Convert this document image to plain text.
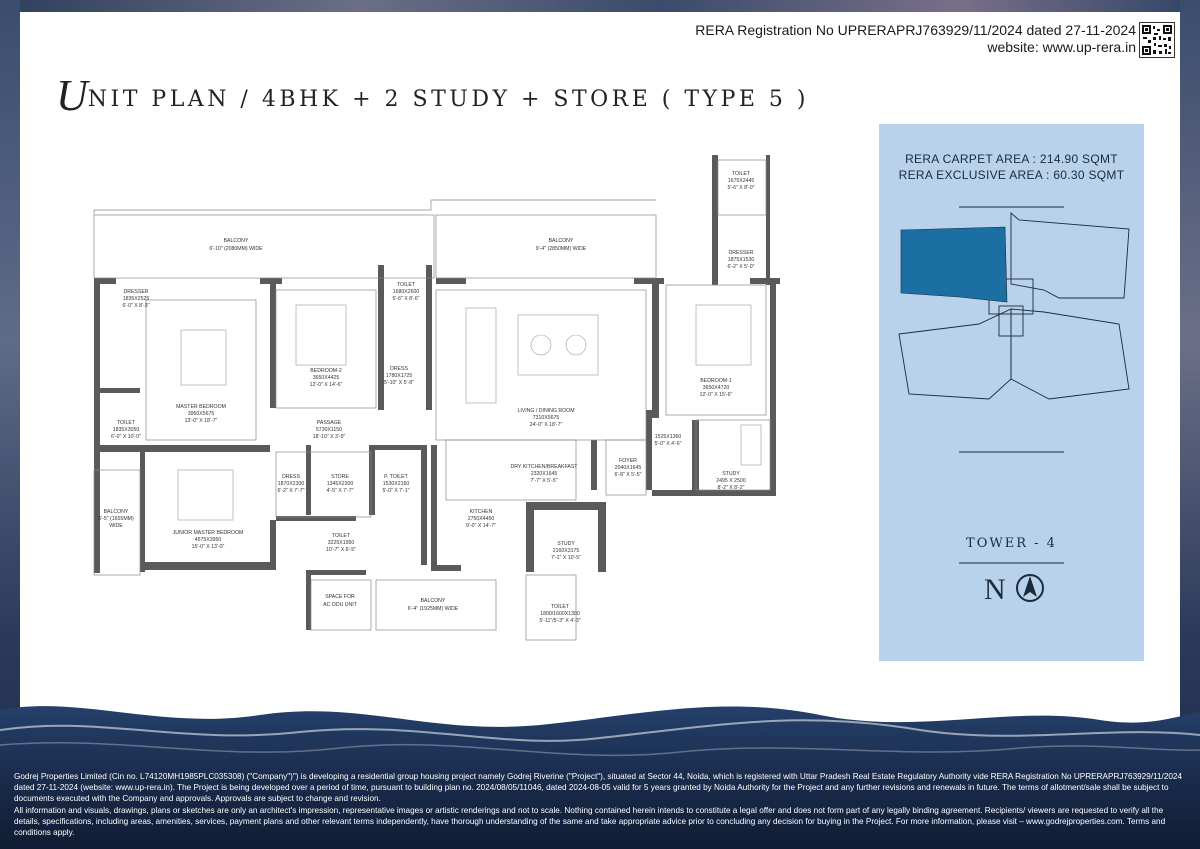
RERA Registration No UPRERAPRJ763929/11/2024 dated 27-11-2024
website: www.up-rera.in
UNIT PLAN / 4BHK + 2 STUDY + STORE ( TYPE 5 )
BALCONY
6'-10" (2080MM) WIDE
BALCONY
9'-4" (2850MM) WIDE
TOILET
1675X2445
5'-6" X 8'-0"
DRESSER
1875X1530
6'-2" X 5'-0"
DRESSER
1835X2525
6'-0" X 8'-3"
TOILET
1680X2600
5'-6" X 8'-6"
BEDROOM-2
3650X4425
12'-0" X 14'-6"
DRESS
1780X1725
5'-10" X 5'-8"
MASTER BEDROOM
3950X5675
13'-0" X 18'-7"
TOILET
1835X3050
6'-0" X 10'-0"
PASSAGE
5730X1150
18'-10" X 3'-9"
LIVING / DINING ROOM
7310X5675
24'-0" X 18'-7"
BEDROOM-1
3650X4720
12'-0" X 15'-6"
1525X1360
5'-0" X 4'-6"
FOYER
2040X1645
6'-8" X 5'-5"
DRY KITCHEN/BREAKFAST
2320X1645
7'-7" X 5'-5"
STUDY
2495 X 2500
8'-2" X 8'-2"
DRESS
1870X2300
6'-2" X 7'-7"
STORE
1345X2300
4'-5" X 7'-7"
P. TOILET
1530X2160
5'-0" X 7'-1"
KITCHEN
2750X4450
9'-0" X 14'-7"
STUDY
2160X3175
7'-1" X 10'-5"
BALCONY
5'-5" (1655MM)
WIDE
JUNIOR MASTER BEDROOM
4575X3950
15'-0" X 13'-0"
TOILET
3225X1950
10'-7" X 6'-5"
SPACE FOR
AC ODU UNIT
BALCONY
6'-4" (1925MM) WIDE	TOILET
1800/1600X1300
5'-11"/5'-3" X 4'-3"
RERA CARPET AREA : 214.90 SQMT
RERA EXCLUSIVE AREA : 60.30 SQMT
TOWER - 4
N

Godrej Properties Limited (Cin no. L74120MH1985PLC035308) ("Company")") is developing a residential group housing project namely Godrej Riverine ("Project"), situated at Sector 44, Noida, which is registered with Uttar Pradesh Real Estate Regulatory Authority vide RERA Registration No UPRERAPRJ763929/11/2024 dated 27-11-2024 (website: www.up-rera.in). The Project is being developed over a period of time, pursuant to building plan no. 2024/08/05/11046, dated 2024-08-05 valid for 5 years granted by Noida Authority for the Project and any further revisions and renewals in future. The terms of allotment/sale shall be subject to documents executed with the Company and approvals. Approvals are subject to change and revision.

All information and visuals, drawings, plans or sketches are only an architect's impression, representative images or artistic renderings and not to scale. Nothing contained herein intends to constitute a legal offer and does not form part of any legally binding agreement. Recipients/ viewers are requested to verify all the details, specifications, including areas, amenities, services, payment plans and other relevant terms independently, have thorough understanding of the same and take appropriate advice prior to concluding any decision for buying in the Project. For more information, please visit – www.godrejproperties.com. Terms and conditions apply.
